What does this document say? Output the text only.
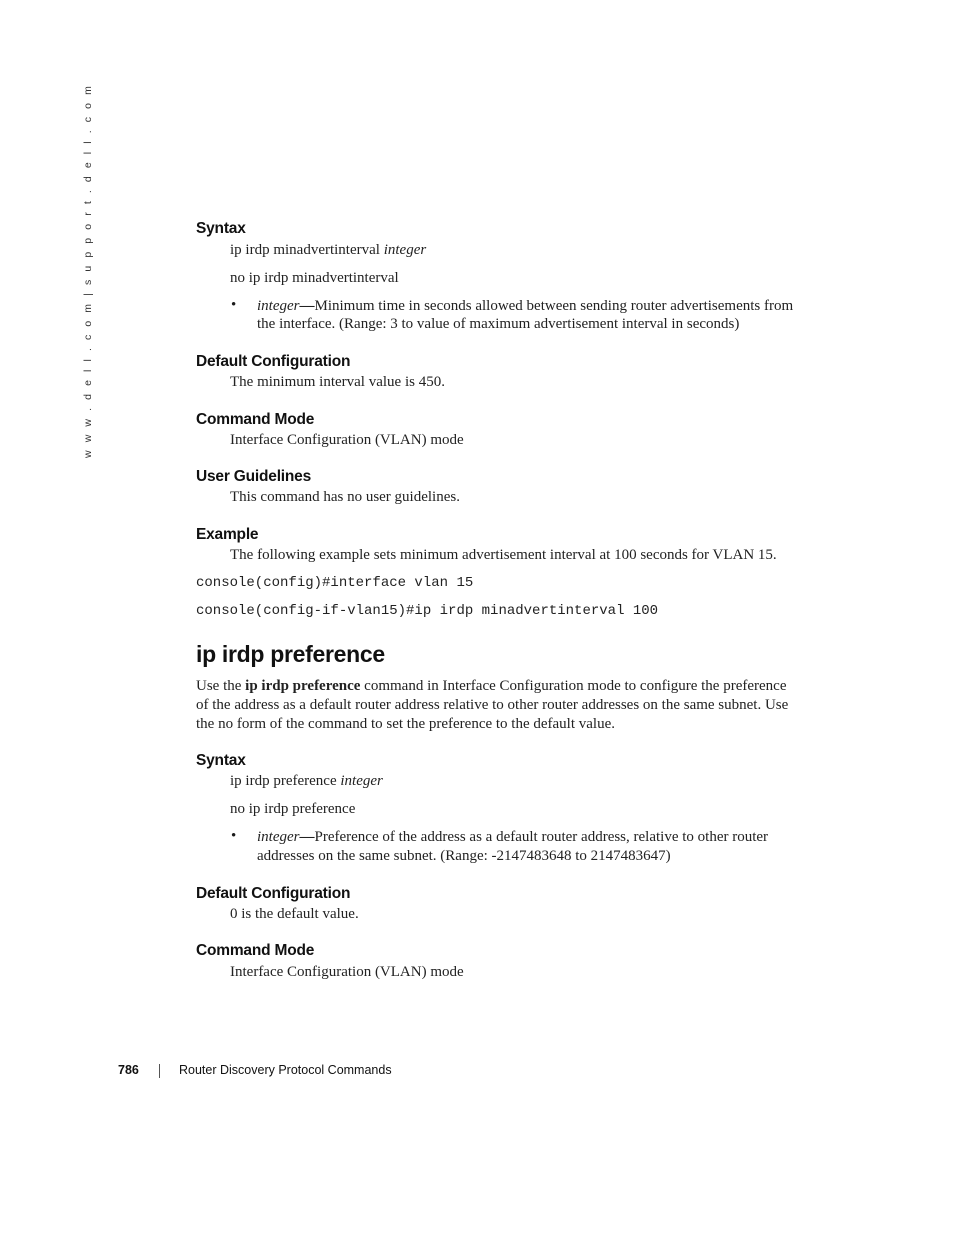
w w w . d e l l . c o m | s u p p o r t . d e l l . c o m	Syntax
ip irdp minadvertinterval integer
no ip irdp minadvertinterval
• integer—Minimum time in seconds allowed between sending router advertisements from
the interface. (Range: 3 to value of maximum advertisement interval in seconds)
Default Configuration
The minimum interval value is 450.
Command Mode
Interface Configuration (VLAN) mode
User Guidelines
This command has no user guidelines.
Example
The following example sets minimum advertisement interval at 100 seconds for VLAN 15.
console(config)#interface vlan 15
console(config-if-vlan15)#ip irdp minadvertinterval 100
ip irdp preference
Use the ip irdp preference command in Interface Configuration mode to configure the preference
of the address as a default router address relative to other router addresses on the same subnet. Use
the no form of the command to set the preference to the default value.
Syntax
ip irdp preference integer
no ip irdp preference
• integer—Preference of the address as a default router address, relative to other router
addresses on the same subnet. (Range: -2147483648 to 2147483647)
Default Configuration
0 is the default value.
Command Mode
Interface Configuration (VLAN) mode
786	Router Discovery Protocol Commands
